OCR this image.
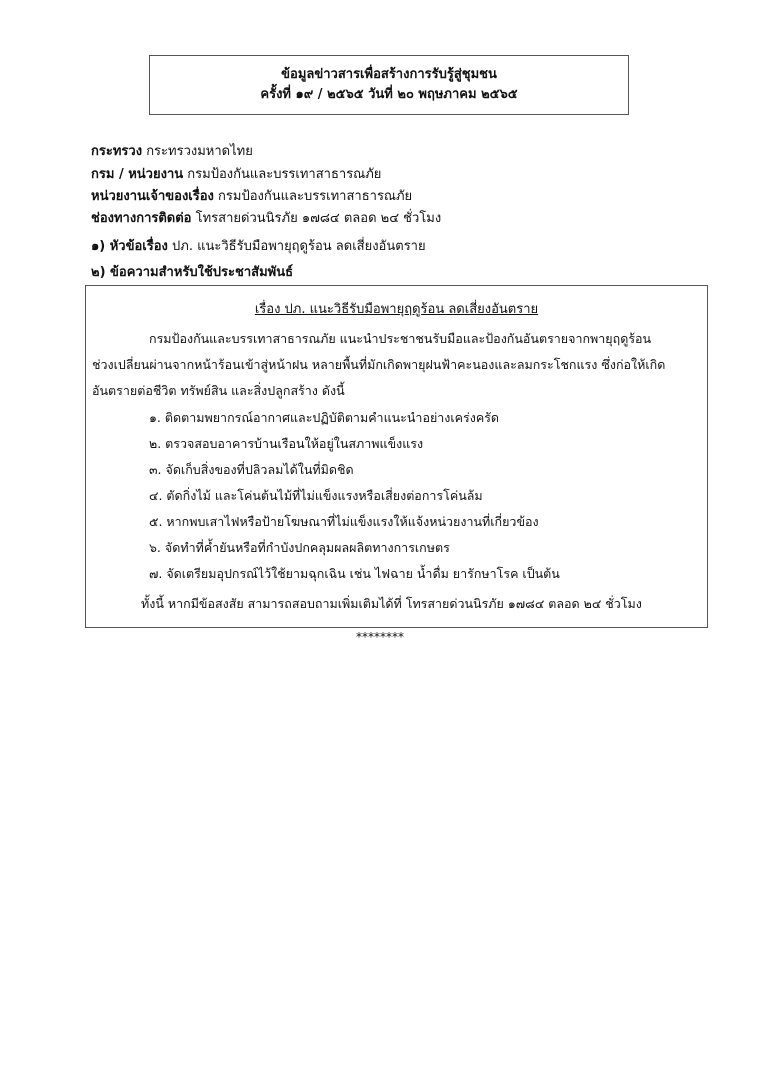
ข้อมูลข่าวสารเพื่อสร้างการรับรู้สู่ชุมชน
ครั้งที่ ๑๙ / ๒๕๖๕ วันที่ ๒๐ พฤษภาคม ๒๕๖๕
กระทรวง กระทรวงมหาดไทย
กรม / หน่วยงาน กรมป้องกันและบรรเทาสาธารณภัย
หน่วยงานเจ้าของเรื่อง กรมป้องกันและบรรเทาสาธารณภัย
ช่องทางการติดต่อ โทรสายด่วนนิรภัย ๑๗๘๔ ตลอด ๒๔ ชั่วโมง
๑) หัวข้อเรื่อง ปภ. แนะวิธีรับมือพายุฤดูร้อน ลดเสี่ยงอันตราย
๒) ข้อความสำหรับใช้ประชาสัมพันธ์
เรื่อง ปภ. แนะวิธีรับมือพายุฤดูร้อน ลดเสี่ยงอันตราย
กรมป้องกันและบรรเทาสาธารณภัย แนะนำประชาชนรับมือและป้องกันอันตรายจากพายุฤดูร้อน
ช่วงเปลี่ยนผ่านจากหน้าร้อนเข้าสู่หน้าฝน หลายพื้นที่มักเกิดพายุฝนฟ้าคะนองและลมกระโชกแรง ซึ่งก่อให้เกิด
อันตรายต่อชีวิต ทรัพย์สิน และสิ่งปลูกสร้าง ดังนี้
๑. ติดตามพยากรณ์อากาศและปฏิบัติตามคำแนะนำอย่างเคร่งครัด
๒. ตรวจสอบอาคารบ้านเรือนให้อยู่ในสภาพแข็งแรง
๓. จัดเก็บสิ่งของที่ปลิวลมได้ในที่มิดชิด
๔. ตัดกิ่งไม้ และโค่นต้นไม้ที่ไม่แข็งแรงหรือเสี่ยงต่อการโค่นล้ม
๕. หากพบเสาไฟหรือป้ายโฆษณาที่ไม่แข็งแรงให้แจ้งหน่วยงานที่เกี่ยวข้อง
๖. จัดทำที่ค้ำยันหรือที่กำบังปกคลุมผลผลิตทางการเกษตร
๗. จัดเตรียมอุปกรณ์ไว้ใช้ยามฉุกเฉิน เช่น ไฟฉาย น้ำดื่ม ยารักษาโรค เป็นต้น
ทั้งนี้ หากมีข้อสงสัย สามารถสอบถามเพิ่มเติมได้ที่ โทรสายด่วนนิรภัย ๑๗๘๔ ตลอด ๒๔ ชั่วโมง
********
